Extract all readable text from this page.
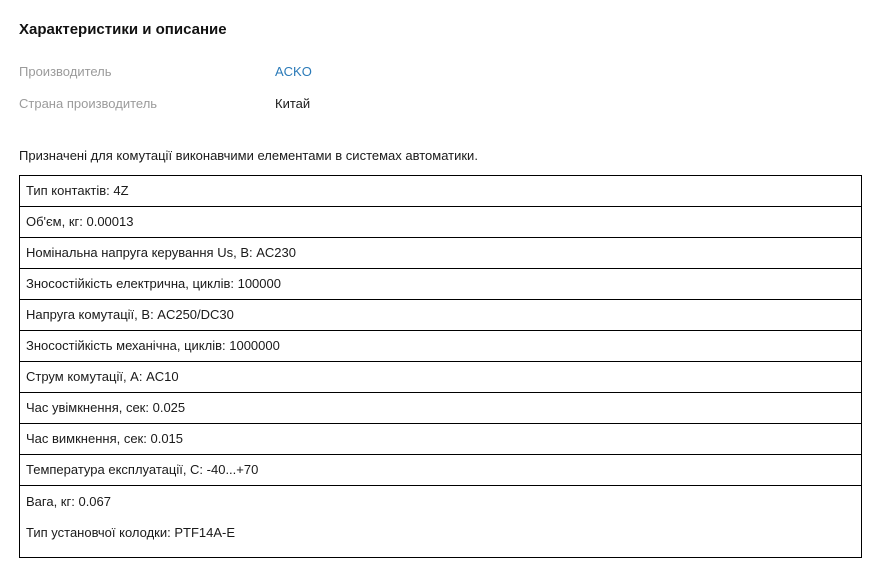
Характеристики и описание
Производитель	ACKO
Страна производитель	Китай
Призначені для комутації виконавчими елементами в системах автоматики.
Тип контактів: 4Z
Об'єм, кг: 0.00013
Номінальна напруга керування Us, В: AC230
Зносостійкість електрична, циклів: 100000
Напруга комутації, В: AC250/DC30
Зносостійкість механічна, циклів: 1000000
Струм комутації, А: AC10
Час увімкнення, сек: 0.025
Час вимкнення, сек: 0.015
Температура експлуатації, С: -40...+70
Вага, кг: 0.067
Тип установчої колодки: PTF14A-E
